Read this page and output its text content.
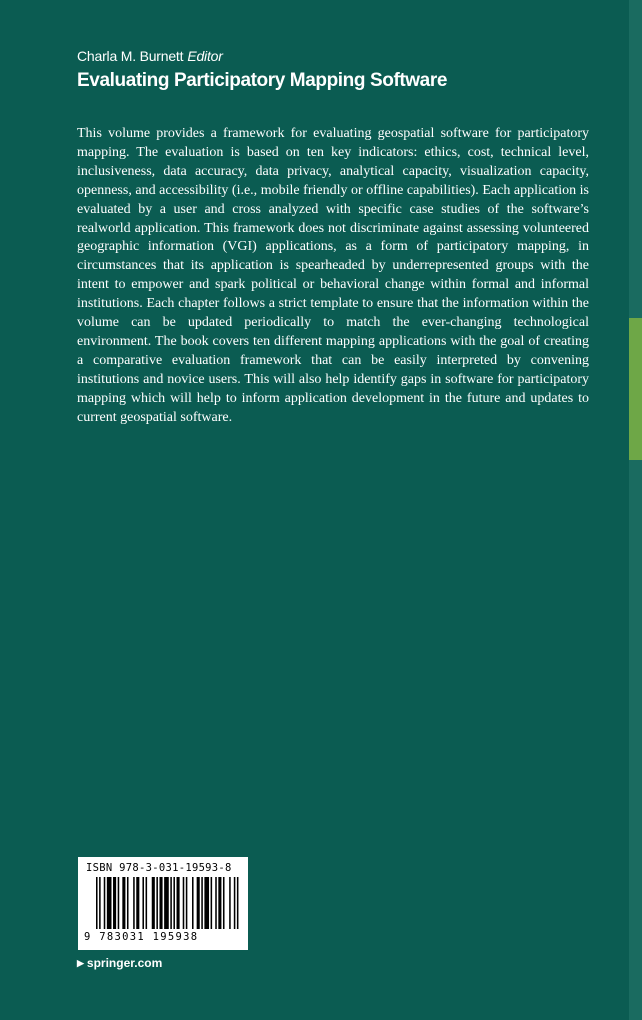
Charla M. Burnett Editor
Evaluating Participatory Mapping Software

This volume provides a framework for evaluating geospatial software for participatory mapping. The evaluation is based on ten key indicators: ethics, cost, technical level, inclusiveness, data accuracy, data privacy, analytical capacity, visualization capacity, openness, and accessibility (i.e., mobile friendly or offline capabilities). Each application is evaluated by a user and cross analyzed with specific case studies of the software’s realworld application. This framework does not discriminate against assessing volunteered geographic information (VGI) applications, as a form of participatory mapping, in circumstances that its application is spearheaded by underrepresented groups with the intent to empower and spark political or behavioral change within formal and informal institutions. Each chapter follows a strict template to ensure that the information within the volume can be updated periodically to match the ever-changing technological environment. The book covers ten different mapping applications with the goal of creating a comparative evaluation framework that can be easily interpreted by convening institutions and novice users. This will also help identify gaps in software for participatory mapping which will help to inform application development in the future and updates to current geospatial software.

ISBN 978-3-031-19593-8
9 783031 195938
▶ springer.com
